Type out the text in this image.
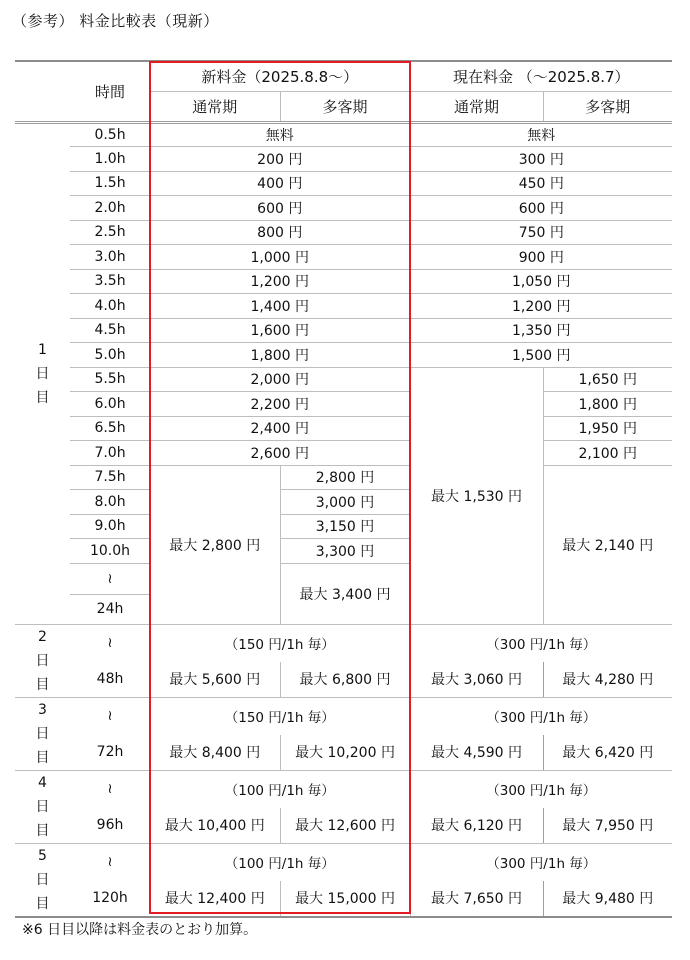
（参考） 料金比較表（現新）
時間		新料金（2025.8.8～）		現在料金 （～2025.8.7）	
		通常期	多客期	通常期	多客期

1
日
目	0.5h	無料		無料	
	1.0h	200 円		300 円	
	1.5h	400 円		450 円	
	2.0h	600 円		600 円	
	2.5h	800 円		750 円	
	3.0h	1,000 円		900 円	
	3.5h	1,200 円		1,050 円	
	4.0h	1,400 円		1,200 円	
	4.5h	1,600 円		1,350 円	
	5.0h	1,800 円		1,500 円	
	5.5h	2,000 円		最大 1,530 円	1,650 円
	6.0h	2,200 円			1,800 円
	6.5h	2,400 円			1,950 円
	7.0h	2,600 円			2,100 円
	7.5h	最大 2,800 円	2,800 円		最大 2,140 円
	8.0h		3,000 円		
	9.0h		3,150 円		
	10.0h		3,300 円		
	≀		最大 3,400 円		
	24h				

2
日
目	≀	（150 円/1h 毎）		（300 円/1h 毎）	
	48h	最大 5,600 円	最大 6,800 円	最大 3,060 円	最大 4,280 円

3
日
目	≀	（150 円/1h 毎）		（300 円/1h 毎）	
	72h	最大 8,400 円	最大 10,200 円	最大 4,590 円	最大 6,420 円

4
日
目	≀	（100 円/1h 毎）		（300 円/1h 毎）	
	96h	最大 10,400 円	最大 12,600 円	最大 6,120 円	最大 7,950 円

5
日
目	≀	（100 円/1h 毎）		（300 円/1h 毎）	
	120h	最大 12,400 円	最大 15,000 円	最大 7,650 円	最大 9,480 円
※6 日目以降は料金表のとおり加算。
